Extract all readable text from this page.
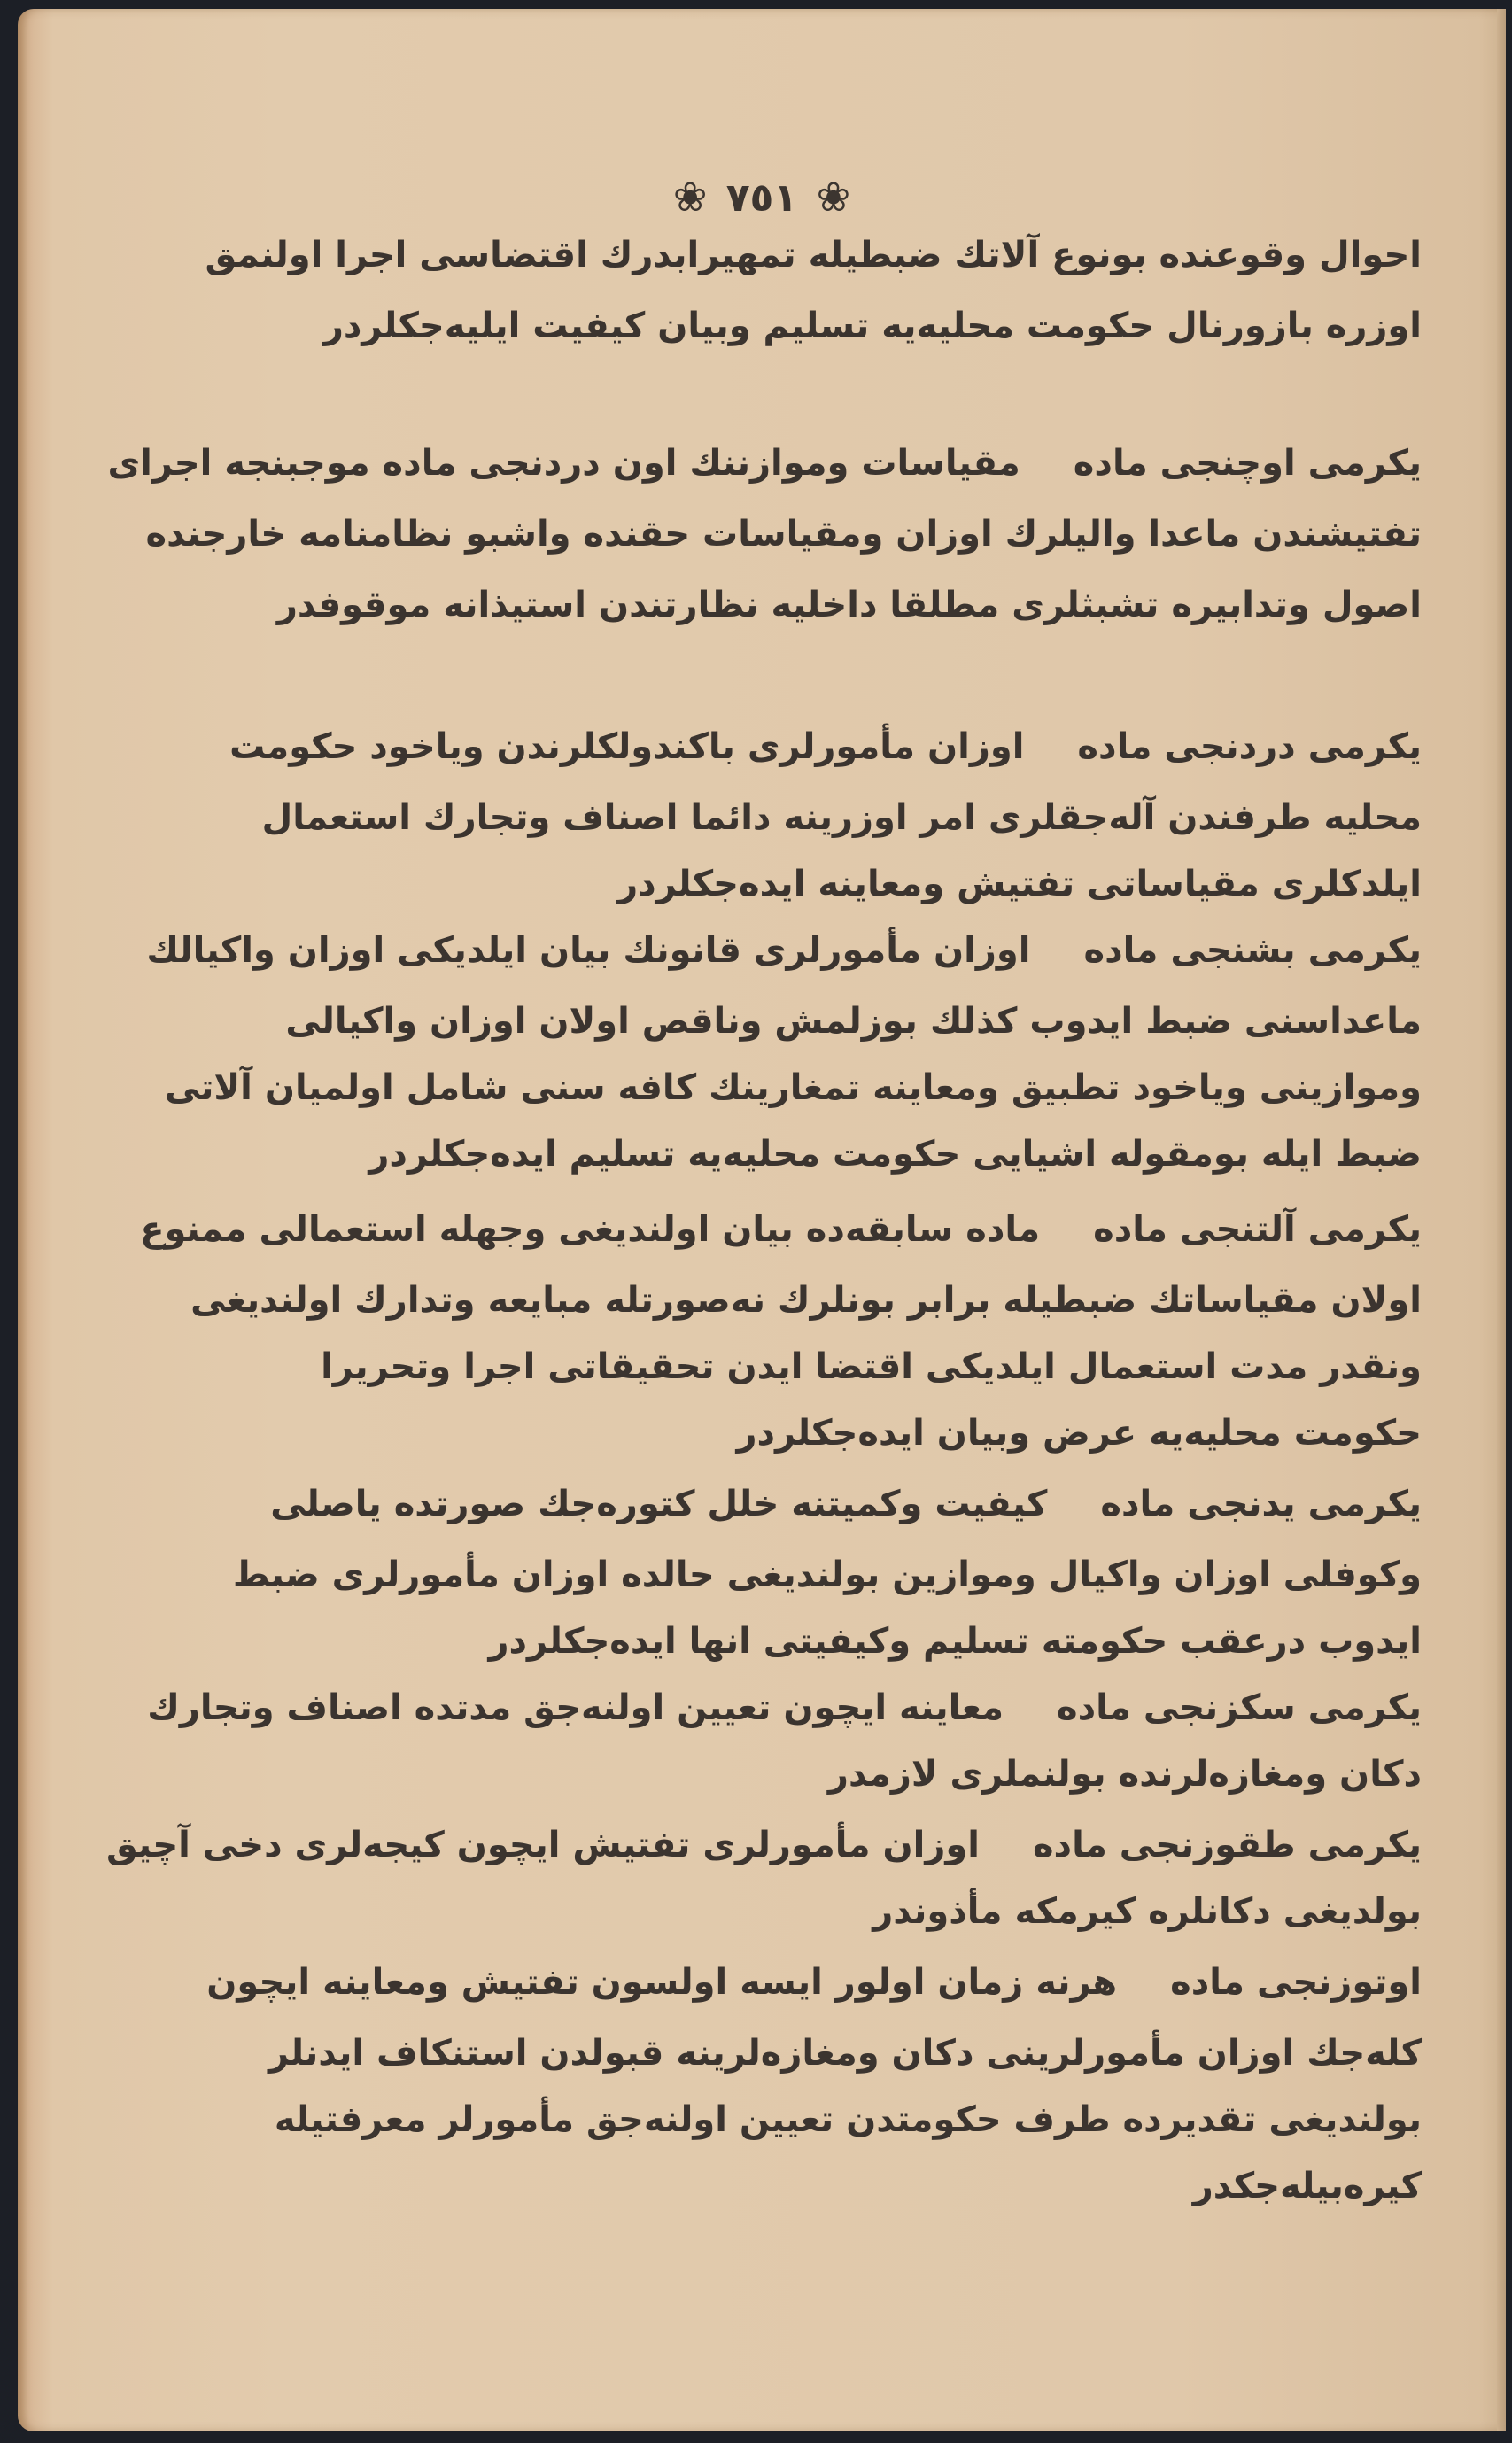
❀ ٧٥١ ❀
احوال وقوعنده بونوع آلاتك ضبطيله تمهيرابدرك اقتضاسى اجرا اولنمق
اوزره بازورنال حكومت محليه‌يه تسليم وبيان كيفيت ايليه‌جكلردر
يكرمى اوچنجى مادهمقياسات وموازننك اون دردنجى ماده موجبنجه اجراى
تفتيشندن ماعدا واليلرك اوزان ومقياسات حقنده واشبو نظامنامه خارجنده
اصول وتدابيره تشبثلرى مطلقا داخليه نظارتندن استيذانه موقوفدر
يكرمى دردنجى مادهاوزان مأمورلرى باكندولكلرندن وياخود حكومت
محليه طرفندن آله‌جقلرى امر اوزرينه دائما اصناف وتجارك استعمال
ايلدكلرى مقياساتى تفتيش ومعاينه ايده‌جكلردر
يكرمى بشنجى مادهاوزان مأمورلرى قانونك بيان ايلديكى اوزان واكيالك
ماعداسنى ضبط ايدوب كذلك بوزلمش وناقص اولان اوزان واكيالى
وموازينى وياخود تطبيق ومعاينه تمغارينك كافه سنى شامل اولميان آلاتى
ضبط ايله بومقوله اشيايى حكومت محليه‌يه تسليم ايده‌جكلردر
يكرمى آلتنجى مادهماده سابقه‌ده بيان اولنديغى وجهله استعمالى ممنوع
اولان مقياساتك ضبطيله برابر بونلرك نه‌صورتله مبايعه وتدارك اولنديغى
ونقدر مدت استعمال ايلديكى اقتضا ايدن تحقيقاتى اجرا وتحريرا
حكومت محليه‌يه عرض وبيان ايده‌جكلردر
يكرمى يدنجى مادهكيفيت وكميتنه خلل كتوره‌جك صورتده ياصلى
وكوفلى اوزان واكيال وموازين بولنديغى حالده اوزان مأمورلرى ضبط
ايدوب درعقب حكومته تسليم وكيفيتى انها ايده‌جكلردر
يكرمى سكزنجى مادهمعاينه ايچون تعيين اولنه‌جق مدتده اصناف وتجارك
دكان ومغازه‌لرنده بولنملرى لازمدر
يكرمى طقوزنجى مادهاوزان مأمورلرى تفتيش ايچون كيجه‌لرى دخى آچيق
بولديغى دكانلره كيرمكه مأذوندر
اوتوزنجى مادههرنه زمان اولور ايسه اولسون تفتيش ومعاينه ايچون
كله‌جك اوزان مأمورلرينى دكان ومغازه‌لرينه قبولدن استنكاف ايدنلر
بولنديغى تقديرده طرف حكومتدن تعيين اولنه‌جق مأمورلر معرفتيله
كيره‌بيله‌جكدر
